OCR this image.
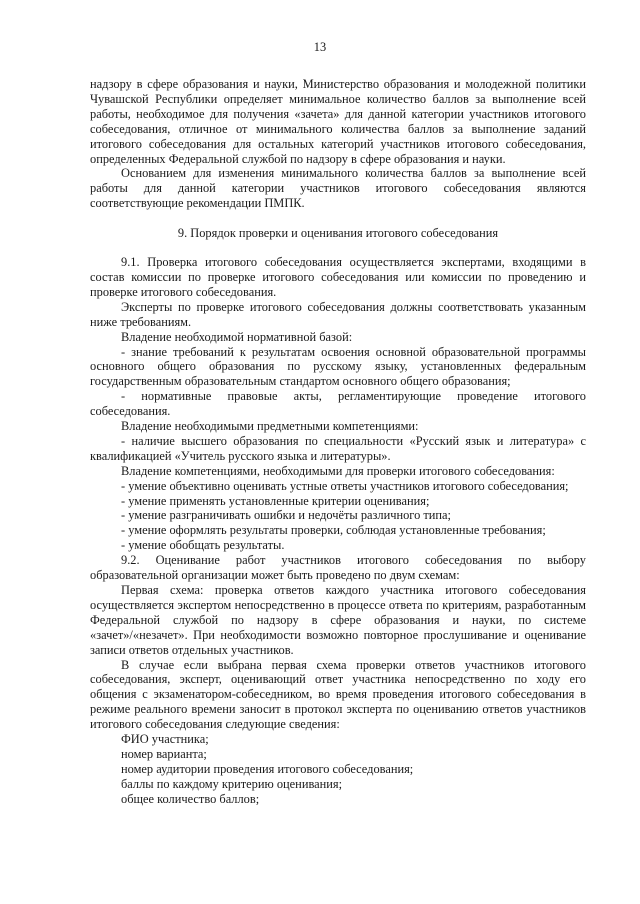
13

надзору в сфере образования и науки, Министерство образования и молодежной политики Чувашской Республики определяет минимальное количество баллов за выполнение всей работы, необходимое для получения «зачета» для данной категории участников итогового собеседования, отличное от минимального количества баллов за выполнение заданий итогового собеседования для остальных категорий участников итогового собеседования, определенных Федеральной службой по надзору в сфере образования и науки.

Основанием для изменения минимального количества баллов за выполнение всей работы для данной категории участников итогового собеседования являются соответствующие рекомендации ПМПК.

9. Порядок проверки и оценивания итогового собеседования

9.1. Проверка итогового собеседования осуществляется экспертами, входящими в состав комиссии по проверке итогового собеседования или комиссии по проведению и проверке итогового собеседования.

Эксперты по проверке итогового собеседования должны соответствовать указанным ниже требованиям.

Владение необходимой нормативной базой:

- знание требований к результатам освоения основной образовательной программы основного общего образования по русскому языку, установленных федеральным государственным образовательным стандартом основного общего образования;

- нормативные правовые акты, регламентирующие проведение итогового собеседования.

Владение необходимыми предметными компетенциями:

- наличие высшего образования по специальности «Русский язык и литература» с квалификацией «Учитель русского языка и литературы».

Владение компетенциями, необходимыми для проверки итогового собеседования:

- умение объективно оценивать устные ответы участников итогового собеседования;

- умение применять установленные критерии оценивания;

- умение разграничивать ошибки и недочёты различного типа;

- умение оформлять результаты проверки, соблюдая установленные требования;

- умение обобщать результаты.

9.2. Оценивание работ участников итогового собеседования по выбору образовательной организации может быть проведено по двум схемам:

Первая схема: проверка ответов каждого участника итогового собеседования осуществляется экспертом непосредственно в процессе ответа по критериям, разработанным Федеральной службой по надзору в сфере образования и науки, по системе «зачет»/«незачет». При необходимости возможно повторное прослушивание и оценивание записи ответов отдельных участников.

В случае если выбрана первая схема проверки ответов участников итогового собеседования, эксперт, оценивающий ответ участника непосредственно по ходу его общения с экзаменатором-собеседником, во время проведения итогового собеседования в режиме реального времени заносит в протокол эксперта по оцениванию ответов участников итогового собеседования следующие сведения:

ФИО участника;

номер варианта;

номер аудитории проведения итогового собеседования;

баллы по каждому критерию оценивания;

общее количество баллов;
